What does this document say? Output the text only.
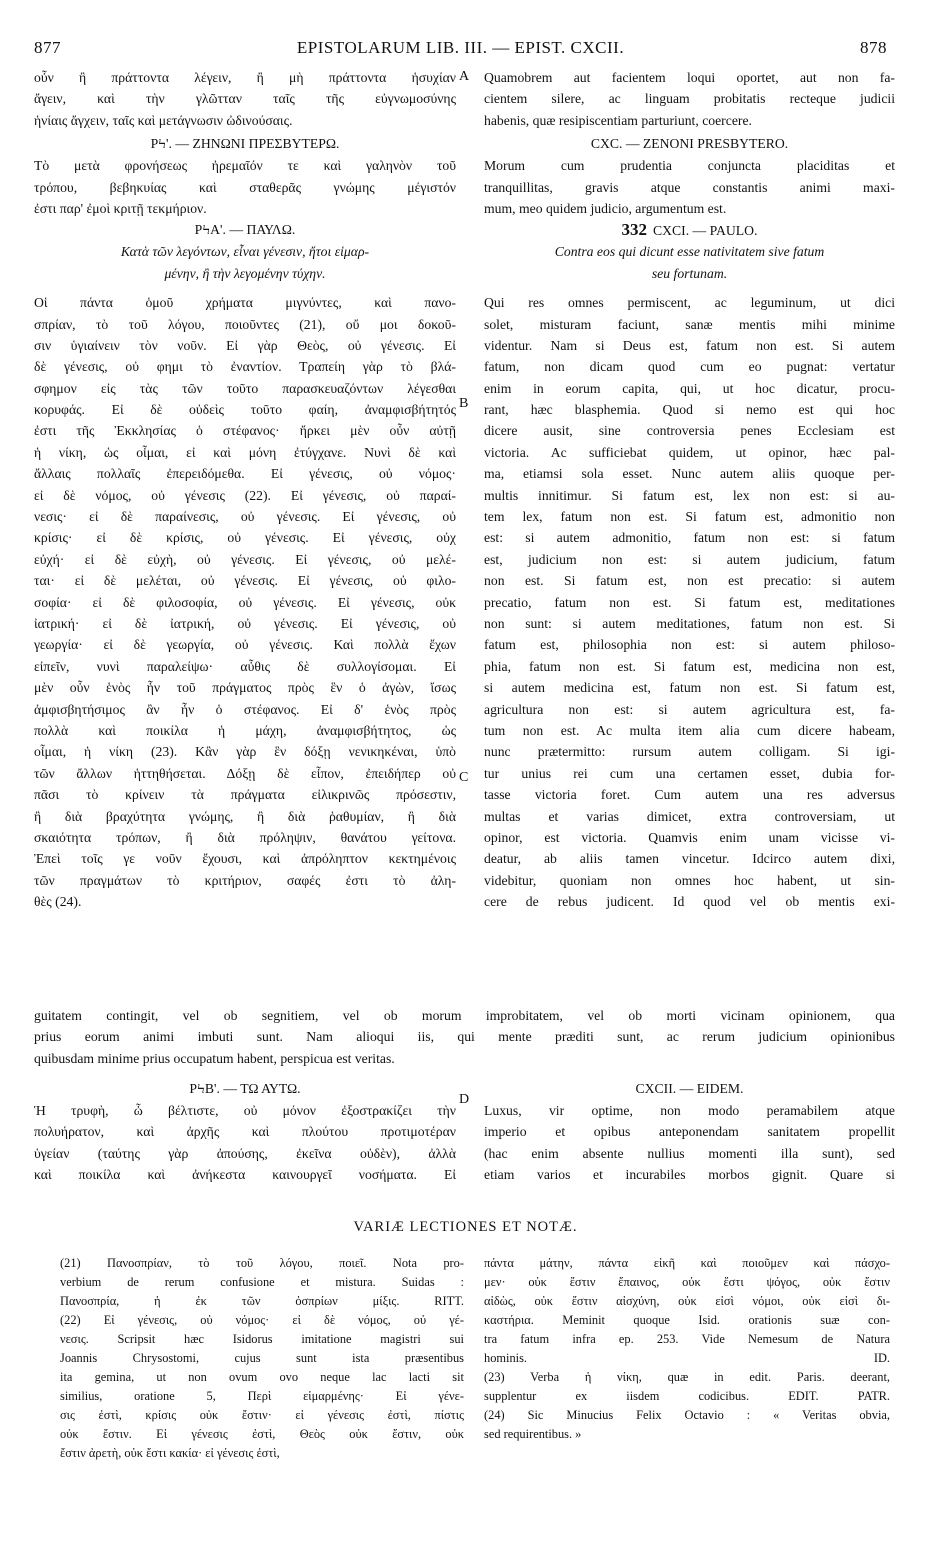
877	EPISTOLARUM LIB. III. — EPIST. CXCII.	878
A
B
C
D
οὖν ἢ πράττοντα λέγειν, ἢ μὴ πράττοντα ἡσυχίαν
ἄγειν, καὶ τὴν γλῶτταν ταῖς τῆς εὐγνωμοσύνης
ἡνίαις ἄγχειν, ταῖς καὶ μετάγνωσιν ὠδινούσαις.
ΡϞ'. — ΖΗΝΩΝΙ ΠΡΕΣΒΥΤΕΡΩ.
Τὸ μετὰ φρονήσεως ἠρεμαῖόν τε καὶ γαληνὸν τοῦ
τρόπου, βεβηκυίας καὶ σταθερᾶς γνώμης μέγιστόν
ἐστι παρ' ἐμοὶ κριτῇ τεκμήριον.
ΡϞΑ'. — ΠΑΥΛΩ.
Κατὰ τῶν λεγόντων, εἶναι γένεσιν, ἤτοι εἱμαρ-
μένην, ἢ τὴν λεγομένην τύχην.
Οἱ πάντα ὁμοῦ χρήματα μιγνύντες, καὶ πανο-
σπρίαν, τὸ τοῦ λόγου, ποιοῦντες (21), οὔ μοι δοκοῦ-
σιν ὑγιαίνειν τὸν νοῦν. Εἰ γὰρ Θεὸς, οὐ γένεσις. Εἰ
δὲ γένεσις, οὐ φημι τὸ ἐναντίον. Τραπείη γὰρ τὸ βλά-
σφημον εἰς τὰς τῶν τοῦτο παρασκευαζόντων λέγεσθαι
κορυφάς. Εἰ δὲ οὐδεὶς τοῦτο φαίη, ἀναμφισβήτητός
ἐστι τῆς Ἐκκλησίας ὁ στέφανος· ἤρκει μὲν οὖν αὐτῇ
ἡ νίκη, ὡς οἶμαι, εἰ καὶ μόνη ἐτύγχανε. Νυνὶ δὲ καὶ
ἄλλαις πολλαῖς ἐπερειδόμεθα. Εἰ γένεσις, οὐ νόμος·
εἰ δὲ νόμος, οὐ γένεσις (22). Εἰ γένεσις, οὐ παραί-
νεσις· εἰ δὲ παραίνεσις, οὐ γένεσις. Εἰ γένεσις, οὐ
κρίσις· εἰ δὲ κρίσις, οὐ γένεσις. Εἰ γένεσις, οὐχ
εὐχή· εἰ δὲ εὐχὴ, οὐ γένεσις. Εἰ γένεσις, οὐ μελέ-
ται· εἰ δὲ μελέται, οὐ γένεσις. Εἰ γένεσις, οὐ φιλο-
σοφία· εἰ δὲ φιλοσοφία, οὐ γένεσις. Εἰ γένεσις, οὐκ
ἰατρική· εἰ δὲ ἰατρική, οὐ γένεσις. Εἰ γένεσις, οὐ
γεωργία· εἰ δὲ γεωργία, οὐ γένεσις. Καὶ πολλὰ ἔχων
εἰπεῖν, νυνὶ παραλείψω· αὖθις δὲ συλλογίσομαι. Εἰ
μὲν οὖν ἑνὸς ἦν τοῦ πράγματος πρὸς ἓν ὁ ἀγὼν, ἴσως
ἀμφισβητήσιμος ἂν ἦν ὁ στέφανος. Εἰ δ' ἑνὸς πρὸς
πολλὰ καὶ ποικίλα ἡ μάχη, ἀναμφισβήτητος, ὡς
οἶμαι, ἡ νίκη (23). Κἂν γὰρ ἓν δόξῃ νενικηκέναι, ὑπὸ
τῶν ἄλλων ἡττηθήσεται. Δόξῃ δὲ εἶπον, ἐπειδήπερ οὐ
πᾶσι τὸ κρίνειν τὰ πράγματα εἰλικρινῶς πρόσεστιν,
ἢ διὰ βραχύτητα γνώμης, ἢ διὰ ῥαθυμίαν, ἢ διὰ
σκαιότητα τρόπων, ἢ διὰ πρόληψιν, θανάτου γείτονα.
Ἐπεὶ τοῖς γε νοῦν ἔχουσι, καὶ ἀπρόληπτον κεκτημένοις
τῶν πραγμάτων τὸ κριτήριον, σαφές ἐστι τὸ ἀλη-
θὲς (24).
Quamobrem aut facientem loqui oportet, aut non fa-
cientem silere, ac linguam probitatis recteque judicii
habenis, quæ resipiscentiam parturiunt, coercere.
CXC. — ZENONI PRESBYTERO.
Morum cum prudentia conjuncta placiditas et
tranquillitas, gravis atque constantis animi maxi-
mum, meo quidem judicio, argumentum est.
332 CXCI. — PAULO.
Contra eos qui dicunt esse nativitatem sive fatum
seu fortunam.
Qui res omnes permiscent, ac leguminum, ut dici
solet, misturam faciunt, sanæ mentis mihi minime
videntur. Nam si Deus est, fatum non est. Si autem
fatum, non dicam quod cum eo pugnat: vertatur
enim in eorum capita, qui, ut hoc dicatur, procu-
rant, hæc blasphemia. Quod si nemo est qui hoc
dicere ausit, sine controversia penes Ecclesiam est
victoria. Ac sufficiebat quidem, ut opinor, hæc pal-
ma, etiamsi sola esset. Nunc autem aliis quoque per-
multis innitimur. Si fatum est, lex non est: si au-
tem lex, fatum non est. Si fatum est, admonitio non
est: si autem admonitio, fatum non est: si fatum
est, judicium non est: si autem judicium, fatum
non est. Si fatum est, non est precatio: si autem
precatio, fatum non est. Si fatum est, meditationes
non sunt: si autem meditationes, fatum non est. Si
fatum est, philosophia non est: si autem philoso-
phia, fatum non est. Si fatum est, medicina non est,
si autem medicina est, fatum non est. Si fatum est,
agricultura non est: si autem agricultura est, fa-
tum non est. Ac multa item alia cum dicere habeam,
nunc prætermitto: rursum autem colligam. Si igi-
tur unius rei cum una certamen esset, dubia for-
tasse victoria foret. Cum autem una res adversus
multas et varias dimicet, extra controversiam, ut
opinor, est victoria. Quamvis enim unam vicisse vi-
deatur, ab aliis tamen vincetur. Idcirco autem dixi,
videbitur, quoniam non omnes hoc habent, ut sin-
cere de rebus judicent. Id quod vel ob mentis exi-
guitatem contingit, vel ob segnitiem, vel ob morum improbitatem, vel ob morti vicinam opinionem, qua
prius eorum animi imbuti sunt. Nam alioqui iis, qui mente præditi sunt, ac rerum judicium opinionibus
quibusdam minime prius occupatum habent, perspicua est veritas.
ΡϞΒ'. — ΤΩ ΑΥΤΩ.
Ἡ τρυφὴ, ὦ βέλτιστε, οὐ μόνον ἐξοστρακίζει τὴν
πολυήρατον, καὶ ἀρχῆς καὶ πλούτου προτιμοτέραν
ὑγείαν (ταύτης γὰρ ἀπούσης, ἐκεῖνα οὐδὲν), ἀλλὰ
καὶ ποικίλα καὶ ἀνήκεστα καινουργεῖ νοσήματα. Εἰ
CXCII. — EIDEM.
Luxus, vir optime, non modo peramabilem atque
imperio et opibus anteponendam sanitatem propellit
(hac enim absente nullius momenti illa sunt), sed
etiam varios et incurabiles morbos gignit. Quare si
VARIÆ LECTIONES ET NOTÆ.
(21) Πανοσπρίαν, τὸ τοῦ λόγου, ποιεῖ. Nota pro-
verbium de rerum confusione et mistura. Suidas :
Πανοσπρία, ἡ ἐκ τῶν ὀσπρίων μίξις. RITT.
(22) Εἰ γένεσις, οὐ νόμος· εἰ δὲ νόμος, οὐ γέ-
νεσις. Scripsit hæc Isidorus imitatione magistri sui
Joannis Chrysostomi, cujus sunt ista præsentibus
ita gemina, ut non ovum ovo neque lac lacti sit
similius, oratione 5, Περὶ εἱμαρμένης· Εἰ γένε-
σις ἐστὶ, κρίσις οὐκ ἔστιν· εἰ γένεσις ἐστὶ, πίστις
οὐκ ἔστιν. Εἰ γένεσις ἐστὶ, Θεὸς οὐκ ἔστιν, οὐκ
ἔστιν ἀρετὴ, οὐκ ἔστι κακία· εἰ γένεσις ἐστὶ,
πάντα μάτην, πάντα εἰκῆ καὶ ποιοῦμεν καὶ πάσχο-
μεν· οὐκ ἔστιν ἔπαινος, οὐκ ἔστι ψόγος, οὐκ ἔστιν
αἰδὼς, οὐκ ἔστιν αἰσχύνη, οὐκ εἰσὶ νόμοι, οὐκ εἰσὶ δι-
καστήρια. Meminit quoque Isid. orationis suæ con-
tra fatum infra ep. 253. Vide Nemesum de Natura
hominis. ID.
(23) Verba ἡ νίκη, quæ in edit. Paris. deerant,
supplentur ex iisdem codicibus. EDIT. PATR.
(24) Sic Minucius Felix Octavio : « Veritas obvia,
sed requirentibus. »
